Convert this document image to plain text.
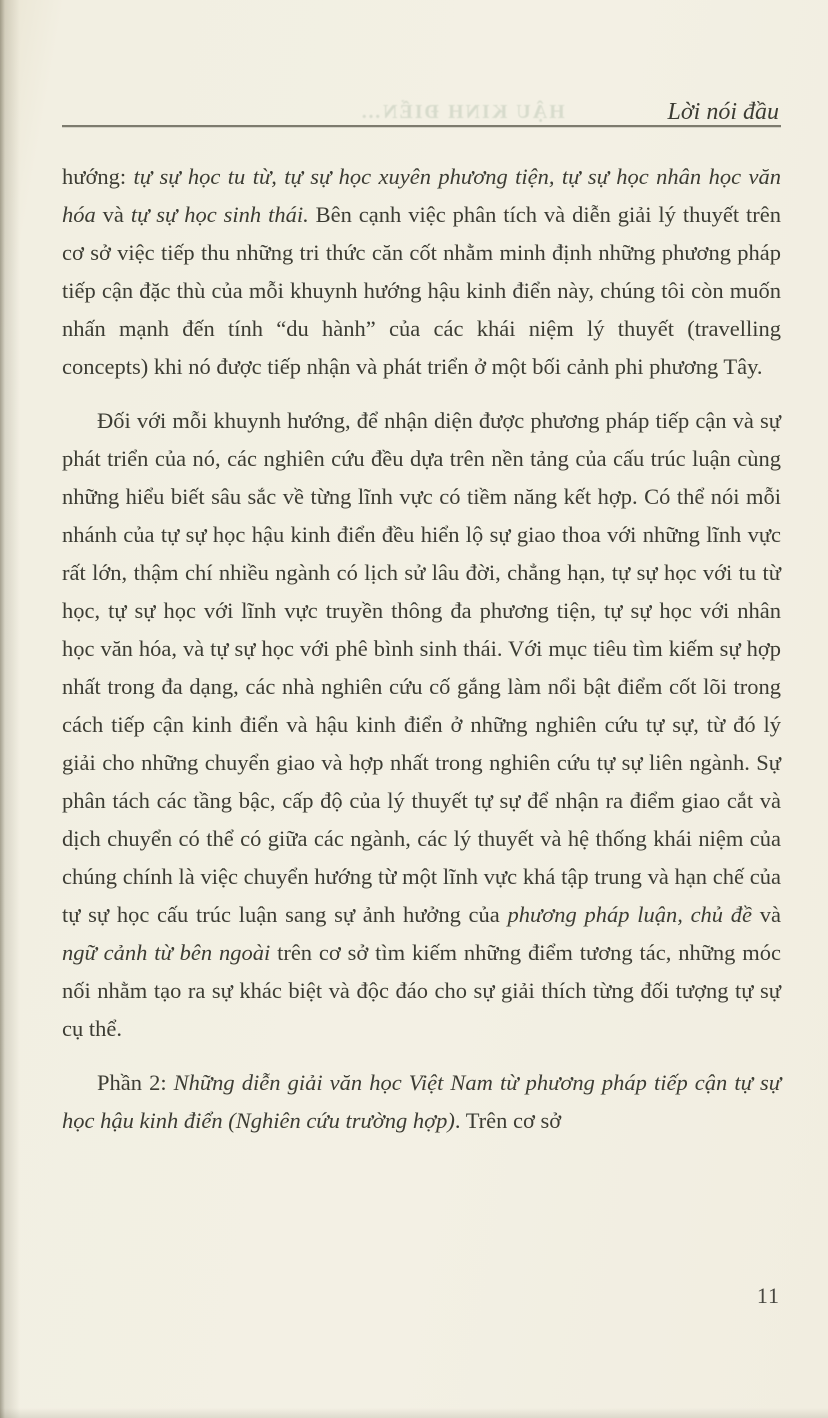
HẬU KINH ĐIỂN…	Lời nói đầu

hướng: tự sự học tu từ, tự sự học xuyên phương tiện, tự sự học nhân học văn hóa và tự sự học sinh thái. Bên cạnh việc phân tích và diễn giải lý thuyết trên cơ sở việc tiếp thu những tri thức căn cốt nhằm minh định những phương pháp tiếp cận đặc thù của mỗi khuynh hướng hậu kinh điển này, chúng tôi còn muốn nhấn mạnh đến tính “du hành” của các khái niệm lý thuyết (travelling concepts) khi nó được tiếp nhận và phát triển ở một bối cảnh phi phương Tây.

Đối với mỗi khuynh hướng, để nhận diện được phương pháp tiếp cận và sự phát triển của nó, các nghiên cứu đều dựa trên nền tảng của cấu trúc luận cùng những hiểu biết sâu sắc về từng lĩnh vực có tiềm năng kết hợp. Có thể nói mỗi nhánh của tự sự học hậu kinh điển đều hiển lộ sự giao thoa với những lĩnh vực rất lớn, thậm chí nhiều ngành có lịch sử lâu đời, chẳng hạn, tự sự học với tu từ học, tự sự học với lĩnh vực truyền thông đa phương tiện, tự sự học với nhân học văn hóa, và tự sự học với phê bình sinh thái. Với mục tiêu tìm kiếm sự hợp nhất trong đa dạng, các nhà nghiên cứu cố gắng làm nổi bật điểm cốt lõi trong cách tiếp cận kinh điển và hậu kinh điển ở những nghiên cứu tự sự, từ đó lý giải cho những chuyển giao và hợp nhất trong nghiên cứu tự sự liên ngành. Sự phân tách các tầng bậc, cấp độ của lý thuyết tự sự để nhận ra điểm giao cắt và dịch chuyển có thể có giữa các ngành, các lý thuyết và hệ thống khái niệm của chúng chính là việc chuyển hướng từ một lĩnh vực khá tập trung và hạn chế của tự sự học cấu trúc luận sang sự ảnh hưởng của phương pháp luận, chủ đề và ngữ cảnh từ bên ngoài trên cơ sở tìm kiếm những điểm tương tác, những móc nối nhằm tạo ra sự khác biệt và độc đáo cho sự giải thích từng đối tượng tự sự cụ thể.

Phần 2: Những diễn giải văn học Việt Nam từ phương pháp tiếp cận tự sự học hậu kinh điển (Nghiên cứu trường hợp). Trên cơ sở

11
